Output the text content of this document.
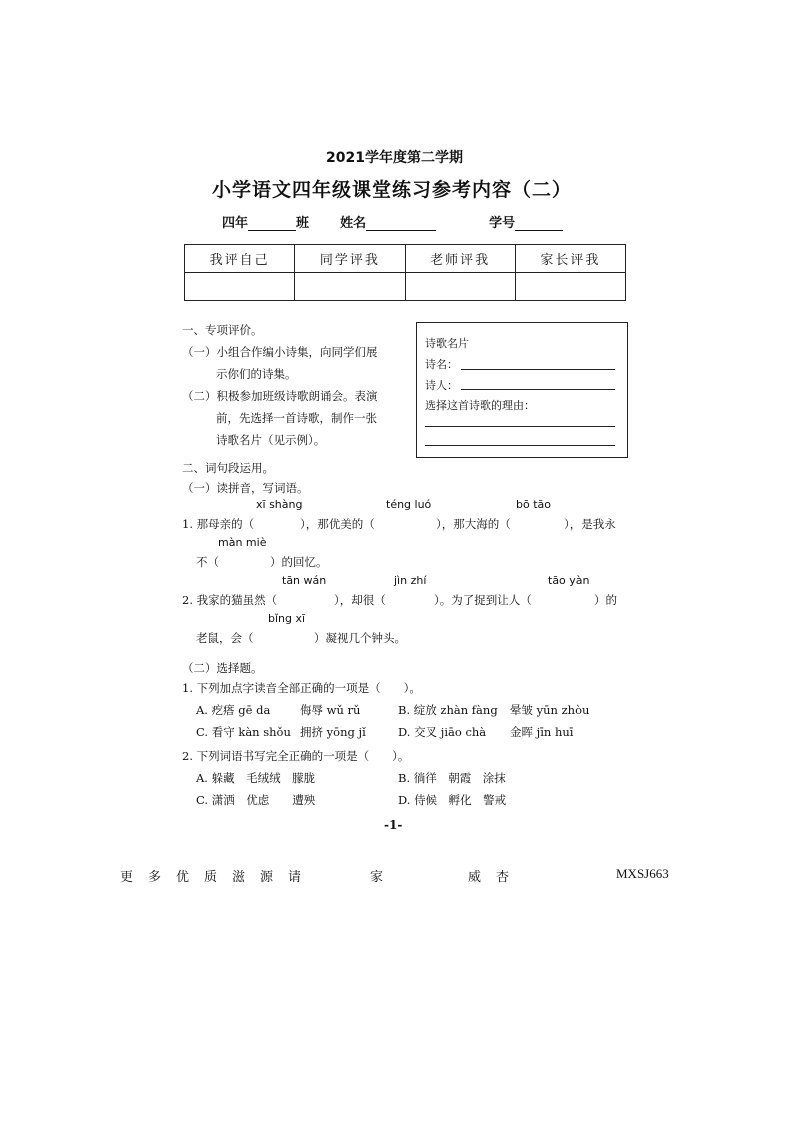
2021学年度第二学期
小学语文四年级课堂练习参考内容（二）
四年	班 姓名	学号
我评自己	同学评我	老师评我	家长评我

一、专项评价。
（一）小组合作编小诗集，向同学们展
示你们的诗集。
（二）积极参加班级诗歌朗诵会。表演
前，先选择一首诗歌，制作一张
诗歌名片（见示例）。
诗歌名片
诗名：
诗人：
选择这首诗歌的理由：
二、词句段运用。
（一）读拼音，写词语。
xī shàng	téng luó	bō tāo
1. 那母亲的（	），那优美的（	），那大海的（	），是我永
màn miè
不（	）的回忆。
tān wán	jìn zhí	tāo yàn
2. 我家的猫虽然（	），却很（	）。为了捉到让人（	）的
bǐng xī
老鼠，会（	）凝视几个钟头。
（二）选择题。
1. 下列加点字读音全部正确的一项是（　　）。
A. 疙瘩 gē da	侮辱 wǔ rǔ	B. 绽放 zhàn fàng 晕皱 yūn zhòu
C. 看守 kàn shǒu 拥挤 yōng jǐ	D. 交叉 jiāo chà 金晖 jīn huī
2. 下列词语书写完全正确的一项是（　　）。
A. 躲藏　毛绒绒　朦胧	B. 徜徉　朝霞　涂抹
C. 潇洒　优虑　　遭殃	D. 侍候　孵化　警戒
-1-
更 多 优 质 滋 源 请	家	威 杏	MXSJ663
